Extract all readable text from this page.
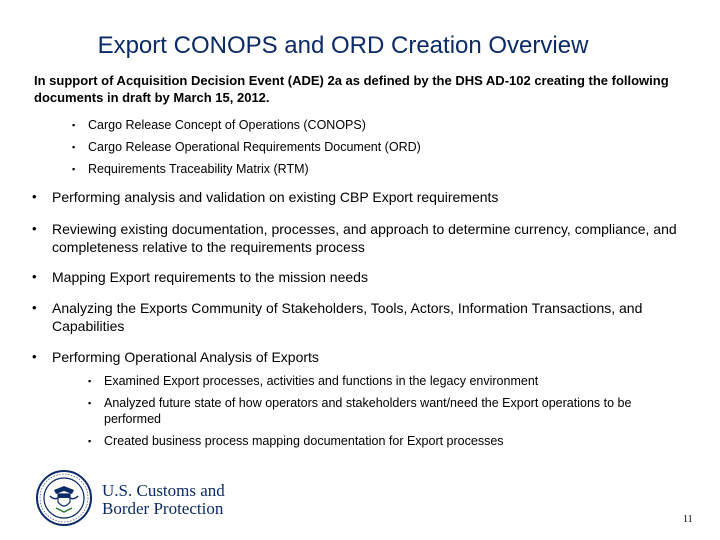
Export CONOPS and ORD Creation Overview
In support of Acquisition Decision Event (ADE) 2a as defined by the DHS AD-102 creating the following documents in draft by March 15, 2012.
▪ Cargo Release Concept of Operations (CONOPS)
▪ Cargo Release Operational Requirements Document (ORD)
▪ Requirements Traceability Matrix (RTM)
• Performing analysis and validation on existing CBP Export requirements
• Reviewing existing documentation, processes, and approach to determine currency, compliance, and completeness relative to the requirements process
• Mapping Export requirements to the mission needs
• Analyzing the Exports Community of Stakeholders, Tools, Actors, Information Transactions, and Capabilities
• Performing Operational Analysis of Exports
▪ Examined Export processes, activities and functions in the legacy environment
▪ Analyzed future state of how operators and stakeholders want/need the Export operations to be performed
▪ Created business process mapping documentation for Export processes
U.S. Customs and
Border Protection
11
